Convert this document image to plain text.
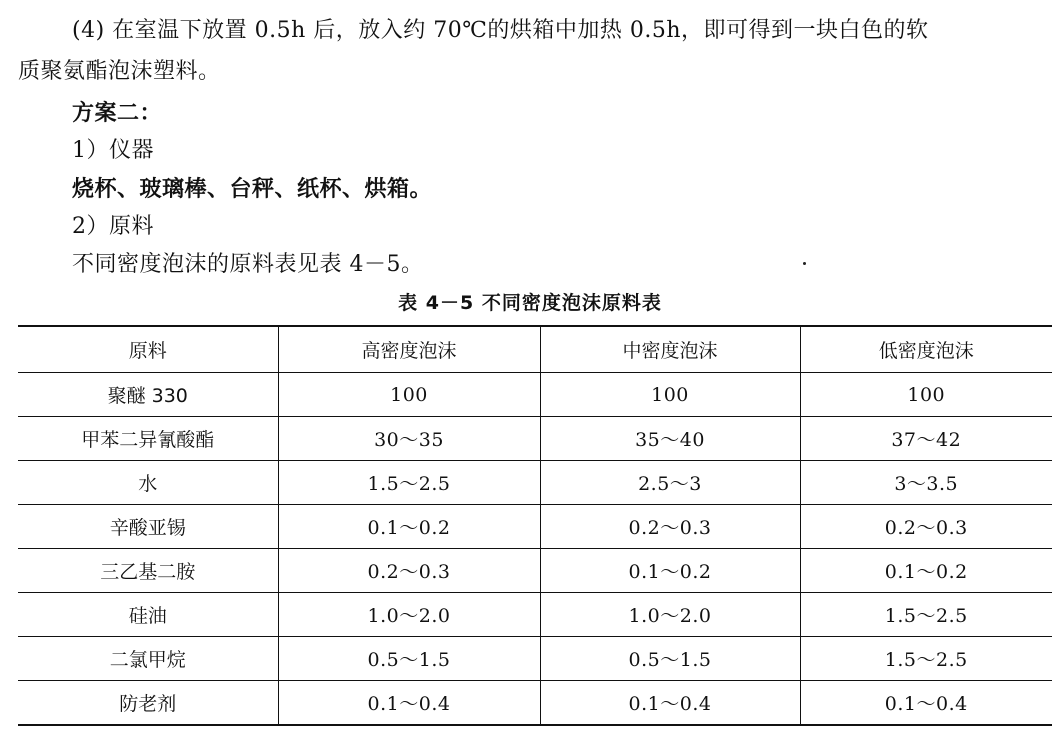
(4) 在室温下放置 0.5h 后，放入约 70℃的烘箱中加热 0.5h，即可得到一块白色的软
质聚氨酯泡沫塑料。
方案二：
1）仪器
烧杯、玻璃棒、台秤、纸杯、烘箱。
2）原料
不同密度泡沫的原料表见表 4－5。
表 4－5 不同密度泡沫原料表
原料	高密度泡沫	中密度泡沫	低密度泡沫
聚醚 330	100	100	100
甲苯二异氰酸酯	30～35	35～40	37～42
水	1.5～2.5	2.5～3	3～3.5
辛酸亚锡	0.1～0.2	0.2～0.3	0.2～0.3
三乙基二胺	0.2～0.3	0.1～0.2	0.1～0.2
硅油	1.0～2.0	1.0～2.0	1.5～2.5
二氯甲烷	0.5～1.5	0.5～1.5	1.5～2.5
防老剂	0.1～0.4	0.1～0.4	0.1～0.4
